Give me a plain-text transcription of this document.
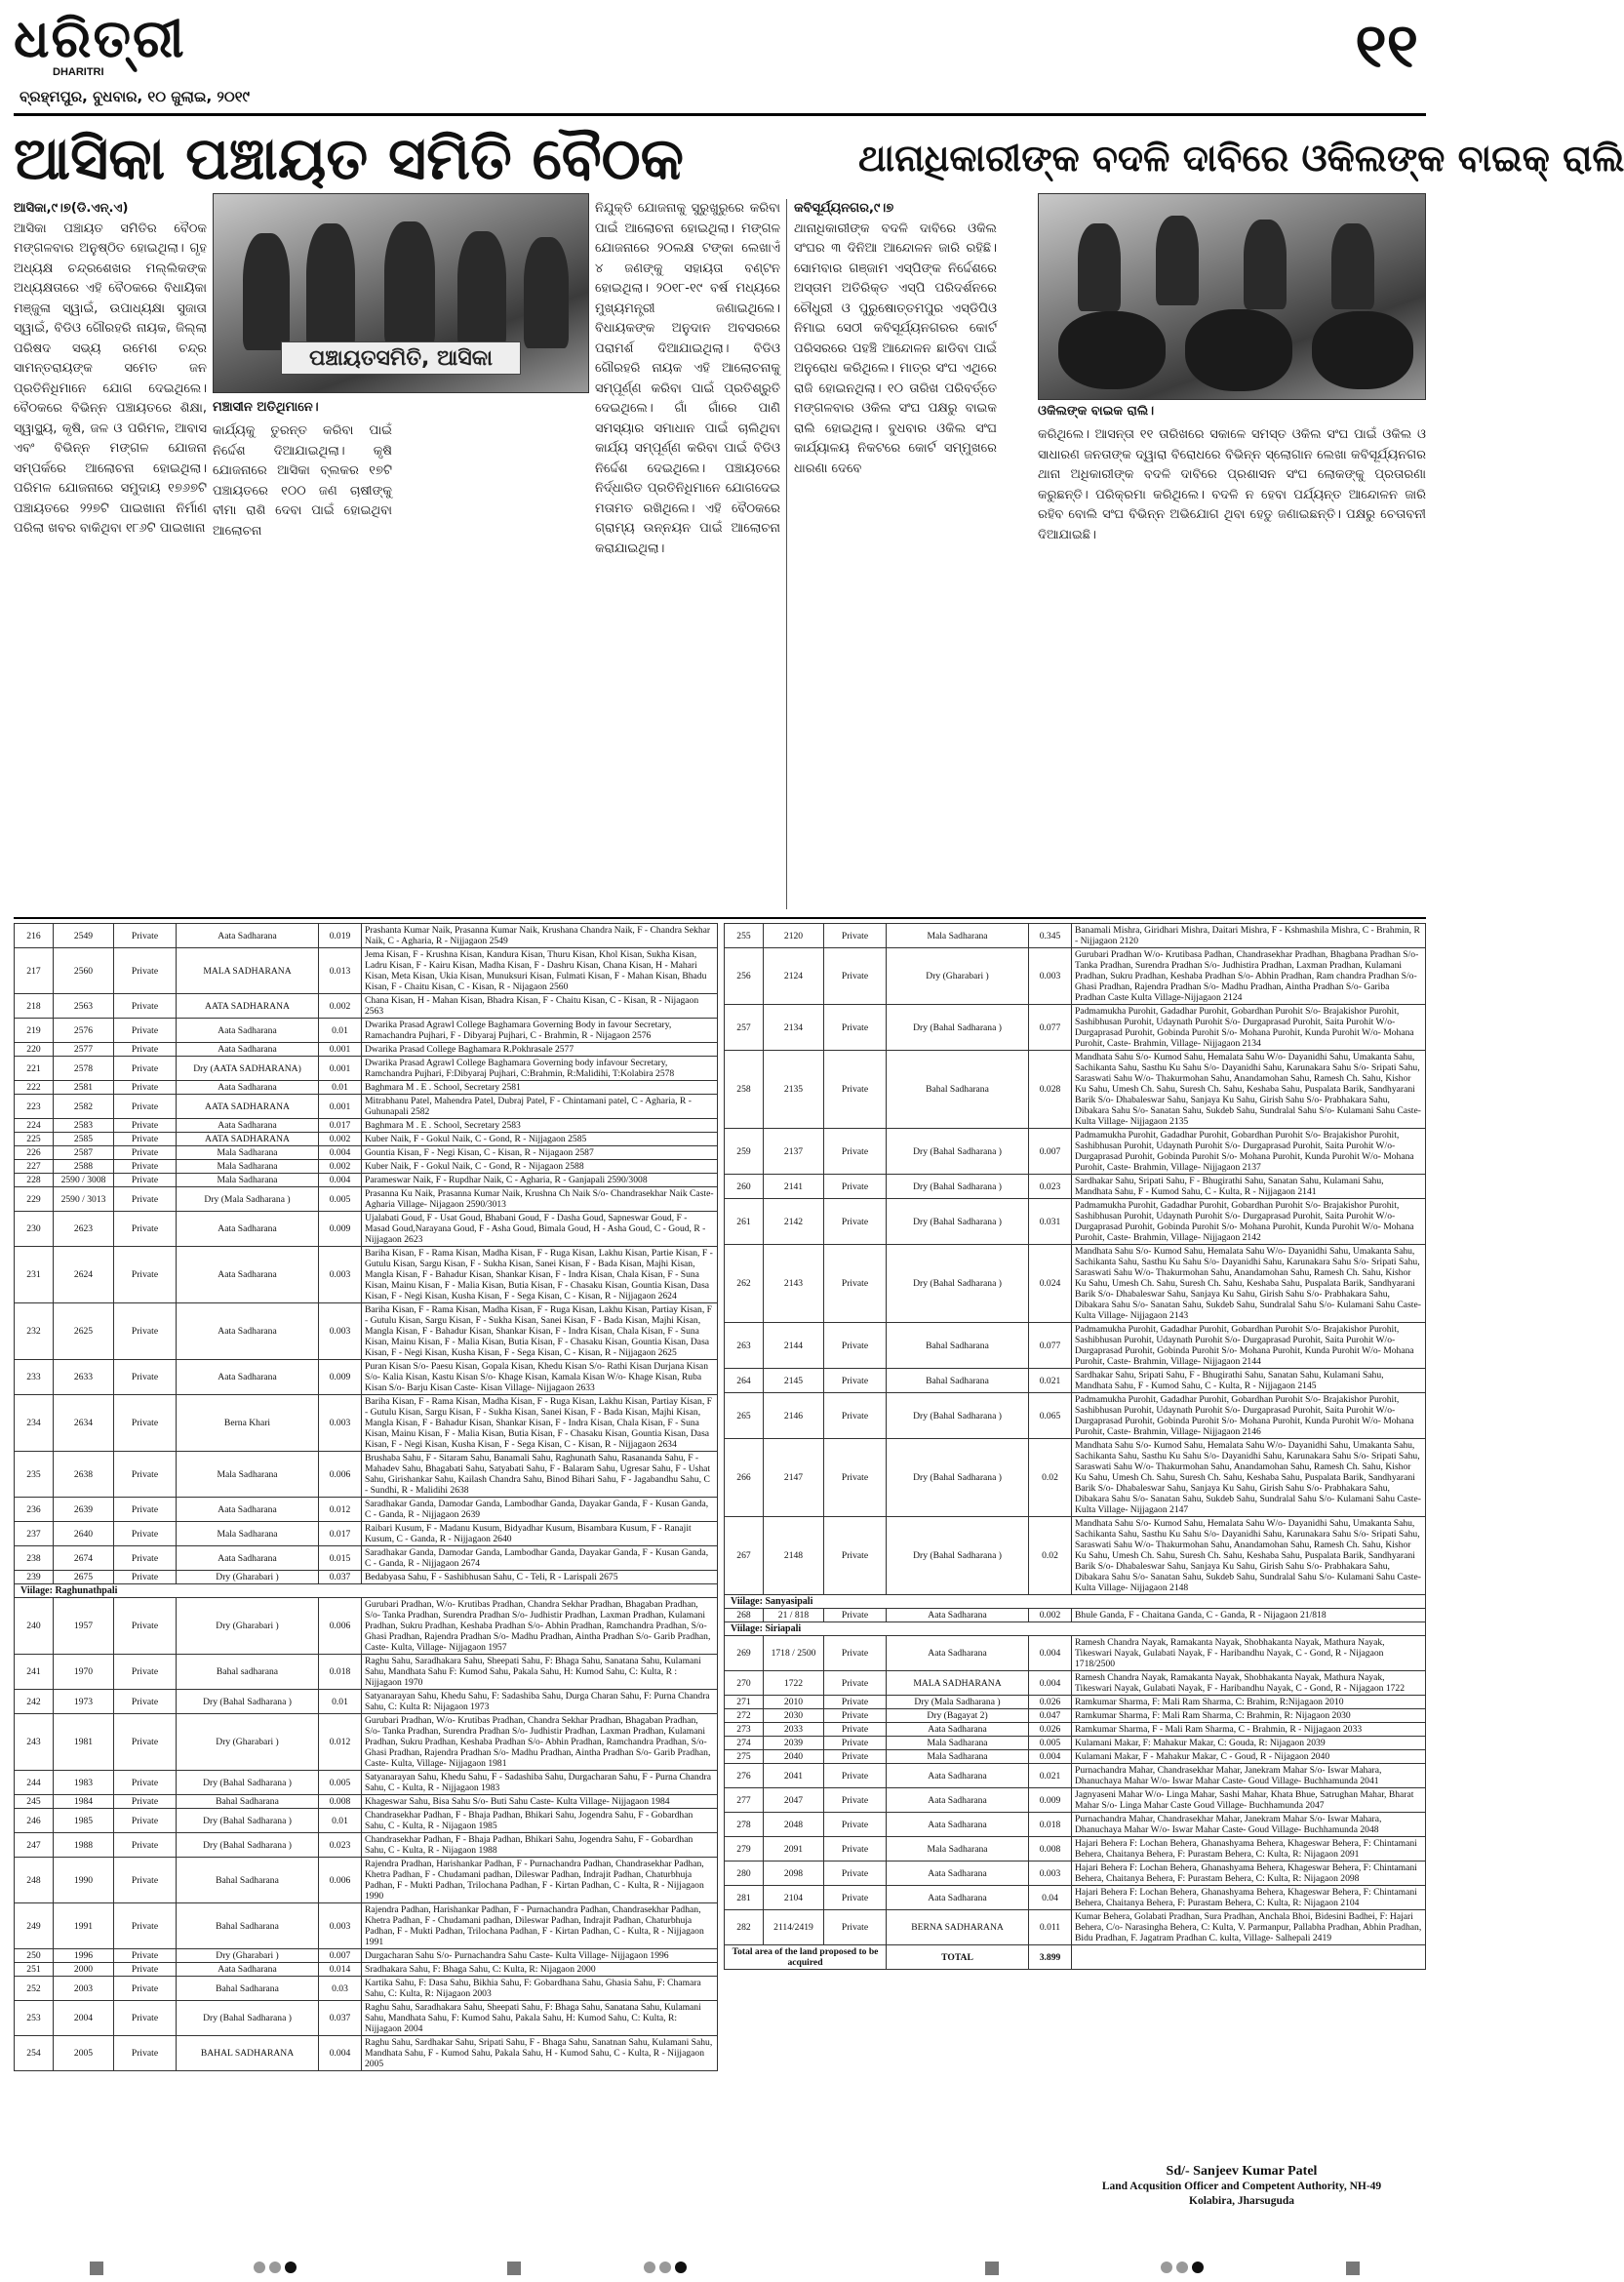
ଧରିତ୍ରୀ
DHARITRI
ବ୍ରହ୍ମପୁର, ବୁଧବାର, ୧୦ ଜୁଲାଇ, ୨୦୧୯
୧୧
ଆସିକା ପଞ୍ଚାୟତ ସମିତି ବୈଠକ
ଆସିକା,୯।୭(ଡି.ଏନ୍.ଏ)
ଆସିକା ପଞ୍ଚାୟତ ସମିତିର ବୈଠକ ମଙ୍ଗଳବାର ଅନୁଷ୍ଠିତ ହୋଇଥିଲା। ଗୃହ ଅଧ୍ୟକ୍ଷ ଚନ୍ଦ୍ରଶେଖର ମଲ୍ଲିକଙ୍କ ଅଧ୍ୟକ୍ଷତାରେ ଏହି ବୈଠକରେ ବିଧାୟିକା ମଞ୍ଜୁଳା ସ୍ୱାଇଁ, ଉପାଧ୍ୟକ୍ଷା ସୁଜାତା ସ୍ୱାଇଁ, ବିଡିଓ ଗୌରହରି ନାୟକ, ଜିଲ୍ଲା ପରିଷଦ ସଭ୍ୟ ରମେଶ ଚନ୍ଦ୍ର ସାମନ୍ତରାୟଙ୍କ ସମେତ ଜନ ପ୍ରତିନିଧିମାନେ ଯୋଗ ଦେଇଥିଲେ। ବୈଠକରେ ବିଭିନ୍ନ ପଞ୍ଚାୟତରେ ଶିକ୍ଷା, ସ୍ୱାସ୍ଥ୍ୟ, କୃଷି, ଜଳ ଓ ପରିମଳ, ଆବାସ ଏବଂ ବିଭିନ୍ନ ମଙ୍ଗଳ ଯୋଜନା ସମ୍ପର୍କରେ ଆଲୋଚନା ହୋଇଥିଲା। ପରିମଳ ଯୋଜନାରେ ସମୁଦାୟ ୧୭୬୭ଟି ପଞ୍ଚାୟତରେ ୨୨୭ଟି ପାଇଖାନା ନିର୍ମାଣ ପରିଲା ଖବର ବାକିଥିବା ୧୮୬ଟି ପାଇଖାନା
ପଞ୍ଚାୟତସମିତି, ଆସିକା
ମଞ୍ଚାସୀନ ଅତିଥିମାନେ।
କାର୍ଯ୍ୟକୁ ତୁରନ୍ତ କରିବା ପାଇଁ ନିର୍ଦ୍ଦେଶ ଦିଆଯାଇଥିଲା। କୃଷି ଯୋଜନାରେ ଆସିକା ବ୍ଲକର ୧୭ଟି ପଞ୍ଚାୟତରେ ୧୦୦ ଜଣ ଚାଷୀଙ୍କୁ ବୀମା ରାଶି ଦେବା ପାଇଁ ହୋଇଥିବା ଆଲୋଚନା
ନିଯୁକ୍ତି ଯୋଜନାକୁ ସୁରୁଖୁରୁରେ କରିବା ପାଇଁ ଆଲୋଚନା ହୋଇଥିଲା। ମଙ୍ଗଳ ଯୋଜନାରେ ୨୦ଲକ୍ଷ ଟଙ୍କା ଲେଖାଏଁ ୪ ଜଣଙ୍କୁ ସହାୟତା ବଣ୍ଟନ ହୋଇଥିଲା। ୨୦୧୮-୧୯ ବର୍ଷ ମଧ୍ୟରେ ମୁଖ୍ୟମନ୍ତ୍ରୀ ଜଣାଇଥିଲେ। ବିଧାୟକଙ୍କ ଅନୁଦାନ ଅବସରରେ ପରାମର୍ଶ ଦିଆଯାଇଥିଲା। ବିଡିଓ ଗୌରହରି ନାୟକ ଏହି ଆଲୋଚନାକୁ ସମ୍ପୂର୍ଣ୍ଣ କରିବା ପାଇଁ ପ୍ରତିଶ୍ରୁତି ଦେଇଥିଲେ। ଗାଁ ଗାଁରେ ପାଣି ସମସ୍ୟାର ସମାଧାନ ପାଇଁ ଚାଲିଥିବା କାର୍ଯ୍ୟ ସମ୍ପୂର୍ଣ୍ଣ କରିବା ପାଇଁ ବିଡିଓ ନିର୍ଦ୍ଦେଶ ଦେଇଥିଲେ। ପଞ୍ଚାୟତରେ ନିର୍ଦ୍ଧାରିତ ପ୍ରତିନିଧିମାନେ ଯୋଗଦେଇ ମତାମତ ରଖିଥିଲେ। ଏହି ବୈଠକରେ ଗ୍ରାମ୍ୟ ଉନ୍ନୟନ ପାଇଁ ଆଲୋଚନା କରାଯାଇଥିଲା।
ଥାନାଧିକାରୀଙ୍କ ବଦଳି ଦାବିରେ ଓକିଲଙ୍କ ବାଇକ୍ ରାଲି
କବିସୂର୍ଯ୍ୟନଗର,୯।୭
ଥାନାଧିକାରୀଙ୍କ ବଦଳି ଦାବିରେ ଓକିଲ ସଂଘର ୩ ଦିନିଆ ଆନ୍ଦୋଳନ ଜାରି ରହିଛି। ସୋମବାର ଗଞ୍ଜାମ ଏସ୍ପିଙ୍କ ନିର୍ଦ୍ଦେଶରେ ଅସ୍ତାମ ଅତିରିକ୍ତ ଏସ୍ପି ପରିଦର୍ଶନରେ ଚୌଧୁରୀ ଓ ପୁରୁଷୋତ୍ତମପୁର ଏସ୍ଡିପିଓ ନିମାଇ ସେଠୀ କବିସୂର୍ଯ୍ୟନଗରର କୋର୍ଟ ପରିସରରେ ପହଞ୍ଚି ଆନ୍ଦୋଳନ ଛାଡିବା ପାଇଁ ଅନୁରୋଧ କରିଥିଲେ। ମାତ୍ର ସଂଘ ଏଥିରେ ରାଜି ହୋଇନଥିଲା। ୧୦ ତାରିଖ ପରିବର୍ତ୍ତେ ମଙ୍ଗଳବାର ଓକିଲ ସଂଘ ପକ୍ଷରୁ ବାଇକ ରାଲି ହୋଇଥିଲା। ବୁଧବାର ଓକିଲ ସଂଘ କାର୍ଯ୍ୟାଳୟ ନିକଟରେ କୋର୍ଟ ସମ୍ମୁଖରେ ଧାରଣା ଦେବେ
ଓକିଲଙ୍କ ବାଇକ ରାଲି।
କରିଥିଲେ। ଆସନ୍ତା ୧୧ ତାରିଖରେ ସକାଳେ ସମସ୍ତ ଓକିଲ ସଂଘ ପାଇଁ ଓକିଲ ଓ ସାଧାରଣ ଜନତାଙ୍କ ଦ୍ୱାରା ବିରୋଧରେ ବିଭିନ୍ନ ସ୍ଲୋଗାନ ଲେଖା କବିସୂର୍ଯ୍ୟନଗର ଥାନା ଅଧିକାରୀଙ୍କ ବଦଳି ଦାବିରେ ପ୍ରଶାସନ ସଂଘ ଲୋକଙ୍କୁ ପ୍ରତାରଣା କରୁଛନ୍ତି। ପରିକ୍ରମା କରିଥିଲେ। ବଦଳି ନ ହେବା ପର୍ଯ୍ୟନ୍ତ ଆନ୍ଦୋଳନ ଜାରି ରହିବ ବୋଲି ସଂଘ ବିଭିନ୍ନ ଅଭିଯୋଗ ଥିବା ହେତୁ ଜଣାଇଛନ୍ତି। ପକ୍ଷରୁ ଚେତାବନୀ ଦିଆଯାଇଛି।
216	2549	Private	Aata Sadharana	0.019	Prashanta Kumar Naik, Prasanna Kumar Naik, Krushana Chandra Naik, F - Chandra Sekhar Naik, C - Agharia, R - Nijjagaon 2549
217	2560	Private	MALA SADHARANA	0.013	Jema Kisan, F - Krushna Kisan, Kandura Kisan, Thuru Kisan, Khol Kisan, Sukha Kisan, Ladru Kisan, F - Kairu Kisan, Madha Kisan, F - Dashru Kisan, Chana Kisan, H - Mahari Kisan, Meta Kisan, Ukia Kisan, Munuksuri Kisan, Fulmati Kisan, F - Mahan Kisan, Bhadu Kisan, F - Chaitu Kisan, C - Kisan, R - Nijagaon 2560
218	2563	Private	AATA SADHARANA	0.002	Chana Kisan, H - Mahan Kisan, Bhadra Kisan, F - Chaitu Kisan, C - Kisan, R - Nijagaon 2563
219	2576	Private	Aata Sadharana	0.01	Dwarika Prasad Agrawl College Baghamara Governing Body in favour Secretary, Ramachandra Pujhari, F - Dibyaraj Pujhari, C - Brahmin, R - Nijagaon 2576
220	2577	Private	Aata Sadharana	0.001	Dwarika Prasad College Baghamara R.Pokhrasale 2577
221	2578	Private	Dry (AATA SADHARANA)	0.001	Dwarika Prasad Agrawl College Baghamara Governing body infavour Secretary, Ramchandra Pujhari, F:Dibyaraj Pujhari, C:Brahmin, R:Malidihi, T:Kolabira 2578
222	2581	Private	Aata Sadharana	0.01	Baghmara M . E . School, Secretary 2581
223	2582	Private	AATA SADHARANA	0.001	Mitrabhanu Patel, Mahendra Patel, Dubraj Patel, F - Chintamani patel, C - Agharia, R - Guhunapali 2582
224	2583	Private	Aata Sadharana	0.017	Baghmara M . E . School, Secretary 2583
225	2585	Private	AATA SADHARANA	0.002	Kuber Naik, F - Gokul Naik, C - Gond, R - Nijjagaon 2585
226	2587	Private	Mala Sadharana	0.004	Gountia Kisan, F - Negi Kisan, C - Kisan, R - Nijagaon 2587
227	2588	Private	Mala Sadharana	0.002	Kuber Naik, F - Gokul Naik, C - Gond, R - Nijagaon 2588
228	2590 / 3008	Private	Mala Sadharana	0.004	Parameswar Naik, F - Rupdhar Naik, C - Agharia, R - Ganjapali 2590/3008
229	2590 / 3013	Private	Dry (Mala Sadharana )	0.005	Prasanna Ku Naik, Prasanna Kumar Naik, Krushna Ch Naik S/o- Chandrasekhar Naik Caste- Agharia Village- Nijagaon 2590/3013
230	2623	Private	Aata Sadharana	0.009	Ujalabati Goud, F - Usat Goud, Bhabani Goud, F - Dasha Goud, Sapneswar Goud, F - Masad Goud,Narayana Goud, F - Asha Goud, Bimala Goud, H - Asha Goud, C - Goud, R - Nijjagaon 2623
231	2624	Private	Aata Sadharana	0.003	Bariha Kisan, F - Rama Kisan, Madha Kisan, F - Ruga Kisan, Lakhu Kisan, Partie Kisan, F - Gutulu Kisan, Sargu Kisan, F - Sukha Kisan, Sanei Kisan, F - Bada Kisan, Majhi Kisan, Mangla Kisan, F - Bahadur Kisan, Shankar Kisan, F - Indra Kisan, Chala Kisan, F - Suna Kisan, Mainu Kisan, F - Malia Kisan, Butia Kisan, F - Chasaku Kisan, Gountia Kisan, Dasa Kisan, F - Negi Kisan, Kusha Kisan, F - Sega Kisan, C - Kisan, R - Nijjagaon 2624
232	2625	Private	Aata Sadharana	0.003	Bariha Kisan, F - Rama Kisan, Madha Kisan, F - Ruga Kisan, Lakhu Kisan, Partiay Kisan, F - Gutulu Kisan, Sargu Kisan, F - Sukha Kisan, Sanei Kisan, F - Bada Kisan, Majhi Kisan, Mangla Kisan, F - Bahadur Kisan, Shankar Kisan, F - Indra Kisan, Chala Kisan, F - Suna Kisan, Mainu Kisan, F - Malia Kisan, Butia Kisan, F - Chasaku Kisan, Gountia Kisan, Dasa Kisan, F - Negi Kisan, Kusha Kisan, F - Sega Kisan, C - Kisan, R - Nijjagaon 2625
233	2633	Private	Aata Sadharana	0.009	Puran Kisan S/o- Paesu Kisan, Gopala Kisan, Khedu Kisan S/o- Rathi Kisan Durjana Kisan S/o- Kalia Kisan, Kastu Kisan S/o- Khage Kisan, Kamala Kisan W/o- Khage Kisan, Ruba Kisan S/o- Barju Kisan Caste- Kisan Village- Nijjagaon 2633
234	2634	Private	Berna Khari	0.003	Bariha Kisan, F - Rama Kisan, Madha Kisan, F - Ruga Kisan, Lakhu Kisan, Partiay Kisan, F - Gutulu Kisan, Sargu Kisan, F - Sukha Kisan, Sanei Kisan, F - Bada Kisan, Majhi Kisan, Mangla Kisan, F - Bahadur Kisan, Shankar Kisan, F - Indra Kisan, Chala Kisan, F - Suna Kisan, Mainu Kisan, F - Malia Kisan, Butia Kisan, F - Chasaku Kisan, Gountia Kisan, Dasa Kisan, F - Negi Kisan, Kusha Kisan, F - Sega Kisan, C - Kisan, R - Nijjagaon 2634
235	2638	Private	Mala Sadharana	0.006	Brushaba Sahu, F - Sitaram Sahu, Banamali Sahu, Raghunath Sahu, Rasananda Sahu, F - Mahadev Sahu, Bhagabati Sahu, Satyabati Sahu, F - Balaram Sahu, Ugresar Sahu, F - Ushat Sahu, Girishankar Sahu, Kailash Chandra Sahu, Binod Bihari Sahu, F - Jagabandhu Sahu, C - Sundhi, R - Malidihi 2638
236	2639	Private	Aata Sadharana	0.012	Saradhakar Ganda, Damodar Ganda, Lambodhar Ganda, Dayakar Ganda, F - Kusan Ganda, C - Ganda, R - Nijjagaon 2639
237	2640	Private	Mala Sadharana	0.017	Raibari Kusum, F - Madanu Kusum, Bidyadhar Kusum, Bisambara Kusum, F - Ranajit Kusum, C - Ganda, R - Nijjagaon 2640
238	2674	Private	Aata Sadharana	0.015	Saradhakar Ganda, Damodar Ganda, Lambodhar Ganda, Dayakar Ganda, F - Kusan Ganda, C - Ganda, R - Nijjagaon 2674
239	2675	Private	Dry (Gharabari )	0.037	Bedabyasa Sahu, F - Sashibhusan Sahu, C - Teli, R - Larispali 2675
Viilage: Raghunathpali					
240	1957	Private	Dry (Gharabari )	0.006	Gurubari Pradhan, W/o- Krutibas Pradhan, Chandra Sekhar Pradhan, Bhagaban Pradhan, S/o- Tanka Pradhan, Surendra Pradhan S/o- Judhistir Pradhan, Laxman Pradhan, Kulamani Pradhan, Sukru Pradhan, Keshaba Pradhan S/o- Abhin Pradhan, Ramchandra Pradhan, S/o- Ghasi Pradhan, Rajendra Pradhan S/o- Madhu Pradhan, Aintha Pradhan S/o- Garib Pradhan, Caste- Kulta, Village- Nijjagaon 1957
241	1970	Private	Bahal sadharana	0.018	Raghu Sahu, Saradhakara Sahu, Sheepati Sahu, F: Bhaga Sahu, Sanatana Sahu, Kulamani Sahu, Mandhata Sahu F: Kumod Sahu, Pakala Sahu, H: Kumod Sahu, C: Kulta, R : Nijjagaon 1970
242	1973	Private	Dry (Bahal Sadharana )	0.01	Satyanarayan Sahu, Khedu Sahu, F: Sadashiba Sahu, Durga Charan Sahu, F: Purna Chandra Sahu, C: Kulta R: Nijagaon 1973
243	1981	Private	Dry (Gharabari )	0.012	Gurubari Pradhan, W/o- Krutibas Pradhan, Chandra Sekhar Pradhan, Bhagaban Pradhan, S/o- Tanka Pradhan, Surendra Pradhan S/o- Judhistir Pradhan, Laxman Pradhan, Kulamani Pradhan, Sukru Pradhan, Keshaba Pradhan S/o- Abhin Pradhan, Ramchandra Pradhan, S/o- Ghasi Pradhan, Rajendra Pradhan S/o- Madhu Pradhan, Aintha Pradhan S/o- Garib Pradhan, Caste- Kulta, Village- Nijjagaon 1981
244	1983	Private	Dry (Bahal Sadharana )	0.005	Satyanarayan Sahu, Khedu Sahu, F - Sadashiba Sahu, Durgacharan Sahu, F - Purna Chandra Sahu, C - Kulta, R - Nijjagaon 1983
245	1984	Private	Bahal Sadharana	0.008	Khageswar Sahu, Bisa Sahu S/o- Buti Sahu Caste- Kulta Village- Nijjagaon 1984
246	1985	Private	Dry (Bahal Sadharana )	0.01	Chandrasekhar Padhan, F - Bhaja Padhan, Bhikari Sahu, Jogendra Sahu, F - Gobardhan Sahu, C - Kulta, R - Nijagaon 1985
247	1988	Private	Dry (Bahal Sadharana )	0.023	Chandrasekhar Padhan, F - Bhaja Padhan, Bhikari Sahu, Jogendra Sahu, F - Gobardhan Sahu, C - Kulta, R - Nijagaon 1988
248	1990	Private	Bahal Sadharana	0.006	Rajendra Pradhan, Harishankar Padhan, F - Purnachandra Padhan, Chandrasekhar Padhan, Khetra Padhan, F - Chudamani padhan, Dileswar Padhan, Indrajit Padhan, Chaturbhuja Padhan, F - Mukti Padhan, Trilochana Padhan, F - Kirtan Padhan, C - Kulta, R - Nijjagaon 1990
249	1991	Private	Bahal Sadharana	0.003	Rajendra Padhan, Harishankar Padhan, F - Purnachandra Padhan, Chandrasekhar Padhan, Khetra Padhan, F - Chudamani padhan, Dileswar Padhan, Indrajit Padhan, Chaturbhuja Padhan, F - Mukti Padhan, Trilochana Padhan, F - Kirtan Padhan, C - Kulta, R - Nijjagaon 1991
250	1996	Private	Dry (Gharabari )	0.007	Durgacharan Sahu S/o- Purnachandra Sahu Caste- Kulta Village- Nijjagaon 1996
251	2000	Private	Aata Sadharana	0.014	Sradhakara Sahu, F: Bhaga Sahu, C: Kulta, R: Nijagaon 2000
252	2003	Private	Bahal Sadharana	0.03	Kartika Sahu, F: Dasa Sahu, Bikhia Sahu, F: Gobardhana Sahu, Ghasia Sahu, F: Chamara Sahu, C: Kulta, R: Nijagaon 2003
253	2004	Private	Dry (Bahal Sadharana )	0.037	Raghu Sahu, Saradhakara Sahu, Sheepati Sahu, F: Bhaga Sahu, Sanatana Sahu, Kulamani Sahu, Mandhata Sahu, F: Kumod Sahu, Pakala Sahu, H: Kumod Sahu, C: Kulta, R: Nijjagaon 2004
254	2005	Private	BAHAL SADHARANA	0.004	Raghu Sahu, Sardhakar Sahu, Sripati Sahu, F - Bhaga Sahu, Sanatnan Sahu, Kulamani Sahu, Mandhata Sahu, F - Kumod Sahu, Pakala Sahu, H - Kumod Sahu, C - Kulta, R - Nijjagaon 2005
255	2120	Private	Mala Sadharana	0.345	Banamali Mishra, Giridhari Mishra, Daitari Mishra, F - Kshmashila Mishra, C - Brahmin, R - Nijjagaon 2120
256	2124	Private	Dry (Gharabari )	0.003	Gurubari Pradhan W/o- Krutibasa Padhan, Chandrasekhar Pradhan, Bhagbana Pradhan S/o- Tanka Pradhan, Surendra Pradhan S/o- Judhistira Pradhan, Laxman Pradhan, Kulamani Pradhan, Sukru Pradhan, Keshaba Pradhan S/o- Abhin Pradhan, Ram chandra Pradhan S/o- Ghasi Pradhan, Rajendra Pradhan S/o- Madhu Pradhan, Aintha Pradhan S/o- Gariba Pradhan Caste Kulta Village-Nijjagaon 2124
257	2134	Private	Dry (Bahal Sadharana )	0.077	Padmamukha Purohit, Gadadhar Purohit, Gobardhan Purohit S/o- Brajakishor Purohit, Sashibhusan Purohit, Udaynath Purohit S/o- Durgaprasad Purohit, Saita Purohit W/o- Durgaprasad Purohit, Gobinda Purohit S/o- Mohana Purohit, Kunda Purohit W/o- Mohana Purohit, Caste- Brahmin, Village- Nijjagaon 2134
258	2135	Private	Bahal Sadharana	0.028	Mandhata Sahu S/o- Kumod Sahu, Hemalata Sahu W/o- Dayanidhi Sahu, Umakanta Sahu, Sachikanta Sahu, Sasthu Ku Sahu S/o- Dayanidhi Sahu, Karunakara Sahu S/o- Sripati Sahu, Saraswati Sahu W/o- Thakurmohan Sahu, Anandamohan Sahu, Ramesh Ch. Sahu, Kishor Ku Sahu, Umesh Ch. Sahu, Suresh Ch. Sahu, Keshaba Sahu, Puspalata Barik, Sandhyarani Barik S/o- Dhabaleswar Sahu, Sanjaya Ku Sahu, Girish Sahu S/o- Prabhakara Sahu, Dibakara Sahu S/o- Sanatan Sahu, Sukdeb Sahu, Sundralal Sahu S/o- Kulamani Sahu Caste- Kulta Village- Nijjagaon 2135
259	2137	Private	Dry (Bahal Sadharana )	0.007	Padmamukha Purohit, Gadadhar Purohit, Gobardhan Purohit S/o- Brajakishor Purohit, Sashibhusan Purohit, Udaynath Purohit S/o- Durgaprasad Purohit, Saita Purohit W/o- Durgaprasad Purohit, Gobinda Purohit S/o- Mohana Purohit, Kunda Purohit W/o- Mohana Purohit, Caste- Brahmin, Village- Nijjagaon 2137
260	2141	Private	Dry (Bahal Sadharana )	0.023	Sardhakar Sahu, Sripati Sahu, F - Bhugirathi Sahu, Sanatan Sahu, Kulamani Sahu, Mandhata Sahu, F - Kumod Sahu, C - Kulta, R - Nijjagaon 2141
261	2142	Private	Dry (Bahal Sadharana )	0.031	Padmamukha Purohit, Gadadhar Purohit, Gobardhan Purohit S/o- Brajakishor Purohit, Sashibhusan Purohit, Udaynath Purohit S/o- Durgaprasad Purohit, Saita Purohit W/o- Durgaprasad Purohit, Gobinda Purohit S/o- Mohana Purohit, Kunda Purohit W/o- Mohana Purohit, Caste- Brahmin, Village- Nijjagaon 2142
262	2143	Private	Dry (Bahal Sadharana )	0.024	Mandhata Sahu S/o- Kumod Sahu, Hemalata Sahu W/o- Dayanidhi Sahu, Umakanta Sahu, Sachikanta Sahu, Sasthu Ku Sahu S/o- Dayanidhi Sahu, Karunakara Sahu S/o- Sripati Sahu, Saraswati Sahu W/o- Thakurmohan Sahu, Anandamohan Sahu, Ramesh Ch. Sahu, Kishor Ku Sahu, Umesh Ch. Sahu, Suresh Ch. Sahu, Keshaba Sahu, Puspalata Barik, Sandhyarani Barik S/o- Dhabaleswar Sahu, Sanjaya Ku Sahu, Girish Sahu S/o- Prabhakara Sahu, Dibakara Sahu S/o- Sanatan Sahu, Sukdeb Sahu, Sundralal Sahu S/o- Kulamani Sahu Caste- Kulta Village- Nijjagaon 2143
263	2144	Private	Bahal Sadharana	0.077	Padmamukha Purohit, Gadadhar Purohit, Gobardhan Purohit S/o- Brajakishor Purohit, Sashibhusan Purohit, Udaynath Purohit S/o- Durgaprasad Purohit, Saita Purohit W/o- Durgaprasad Purohit, Gobinda Purohit S/o- Mohana Purohit, Kunda Purohit W/o- Mohana Purohit, Caste- Brahmin, Village- Nijjagaon 2144
264	2145	Private	Bahal Sadharana	0.021	Sardhakar Sahu, Sripati Sahu, F - Bhugirathi Sahu, Sanatan Sahu, Kulamani Sahu, Mandhata Sahu, F - Kumod Sahu, C - Kulta, R - Nijjagaon 2145
265	2146	Private	Dry (Bahal Sadharana )	0.065	Padmamukha Purohit, Gadadhar Purohit, Gobardhan Purohit S/o- Brajakishor Purohit, Sashibhusan Purohit, Udaynath Purohit S/o- Durgaprasad Purohit, Saita Purohit W/o- Durgaprasad Purohit, Gobinda Purohit S/o- Mohana Purohit, Kunda Purohit W/o- Mohana Purohit, Caste- Brahmin, Village- Nijjagaon 2146
266	2147	Private	Dry (Bahal Sadharana )	0.02	Mandhata Sahu S/o- Kumod Sahu, Hemalata Sahu W/o- Dayanidhi Sahu, Umakanta Sahu, Sachikanta Sahu, Sasthu Ku Sahu S/o- Dayanidhi Sahu, Karunakara Sahu S/o- Sripati Sahu, Saraswati Sahu W/o- Thakurmohan Sahu, Anandamohan Sahu, Ramesh Ch. Sahu, Kishor Ku Sahu, Umesh Ch. Sahu, Suresh Ch. Sahu, Keshaba Sahu, Puspalata Barik, Sandhyarani Barik S/o- Dhabaleswar Sahu, Sanjaya Ku Sahu, Girish Sahu S/o- Prabhakara Sahu, Dibakara Sahu S/o- Sanatan Sahu, Sukdeb Sahu, Sundralal Sahu S/o- Kulamani Sahu Caste- Kulta Village- Nijjagaon 2147
267	2148	Private	Dry (Bahal Sadharana )	0.02	Mandhata Sahu S/o- Kumod Sahu, Hemalata Sahu W/o- Dayanidhi Sahu, Umakanta Sahu, Sachikanta Sahu, Sasthu Ku Sahu S/o- Dayanidhi Sahu, Karunakara Sahu S/o- Sripati Sahu, Saraswati Sahu W/o- Thakurmohan Sahu, Anandamohan Sahu, Ramesh Ch. Sahu, Kishor Ku Sahu, Umesh Ch. Sahu, Suresh Ch. Sahu, Keshaba Sahu, Puspalata Barik, Sandhyarani Barik S/o- Dhabaleswar Sahu, Sanjaya Ku Sahu, Girish Sahu S/o- Prabhakara Sahu, Dibakara Sahu S/o- Sanatan Sahu, Sukdeb Sahu, Sundralal Sahu S/o- Kulamani Sahu Caste- Kulta Village- Nijjagaon 2148
Viilage: Sanyasipali					
268	21 / 818	Private	Aata Sadharana	0.002	Bhule Ganda, F - Chaitana Ganda, C - Ganda, R - Nijagaon 21/818
Viilage: Siriapali					
269	1718 / 2500	Private	Aata Sadharana	0.004	Ramesh Chandra Nayak, Ramakanta Nayak, Shobhakanta Nayak, Mathura Nayak, Tikeswari Nayak, Gulabati Nayak, F - Haribandhu Nayak, C - Gond, R - Nijagaon 1718/2500
270	1722	Private	MALA SADHARANA	0.004	Ramesh Chandra Nayak, Ramakanta Nayak, Shobhakanta Nayak, Mathura Nayak, Tikeswari Nayak, Gulabati Nayak, F - Haribandhu Nayak, C - Gond, R - Nijagaon 1722
271	2010	Private	Dry (Mala Sadharana )	0.026	Ramkumar Sharma, F: Mali Ram Sharma, C: Brahim, R:Nijagaon 2010
272	2030	Private	Dry (Bagayat 2)	0.047	Ramkumar Sharma, F: Mali Ram Sharma, C: Brahmin, R: Nijagaon 2030
273	2033	Private	Aata Sadharana	0.026	Ramkumar Sharma, F - Mali Ram Sharma, C - Brahmin, R - Nijjagaon 2033
274	2039	Private	Mala Sadharana	0.005	Kulamani Makar, F: Mahakur Makar, C: Gouda, R: Nijagaon 2039
275	2040	Private	Mala Sadharana	0.004	Kulamani Makar, F - Mahakur Makar, C - Goud, R - Nijagaon 2040
276	2041	Private	Aata Sadharana	0.021	Purnachandra Mahar, Chandrasekhar Mahar, Janekram Mahar S/o- Iswar Mahara, Dhanuchaya Mahar W/o- Iswar Mahar Caste- Goud Village- Buchhamunda 2041
277	2047	Private	Aata Sadharana	0.009	Jagnyaseni Mahar W/o- Linga Mahar, Sashi Mahar, Khata Bhue, Satrughan Mahar, Bharat Mahar S/o- Linga Mahar Caste Goud Village- Buchhamunda 2047
278	2048	Private	Aata Sadharana	0.018	Purnachandra Mahar, Chandrasekhar Mahar, Janekram Mahar S/o- Iswar Mahara, Dhanuchaya Mahar W/o- Iswar Mahar Caste- Goud Village- Buchhamunda 2048
279	2091	Private	Mala Sadharana	0.008	Hajari Behera F: Lochan Behera, Ghanashyama Behera, Khageswar Behera, F: Chintamani Behera, Chaitanya Behera, F: Purastam Behera, C: Kulta, R: Nijagaon 2091
280	2098	Private	Aata Sadharana	0.003	Hajari Behera F: Lochan Behera, Ghanashyama Behera, Khageswar Behera, F: Chintamani Behera, Chaitanya Behera, F: Purastam Behera, C: Kulta, R: Nijagaon 2098
281	2104	Private	Aata Sadharana	0.04	Hajari Behera F: Lochan Behera, Ghanashyama Behera, Khageswar Behera, F: Chintamani Behera, Chaitanya Behera, F: Purastam Behera, C: Kulta, R: Nijagaon 2104
282	2114/2419	Private	BERNA SADHARANA	0.011	Kumar Behera, Golabati Pradhan, Sura Pradhan, Anchala Bhoi, Bidesini Badhei, F: Hajari Behera, C/o- Narasingha Behera, C: Kulta, V. Parmanpur, Pallabha Pradhan, Abhin Pradhan, Bidu Pradhan, F. Jagatram Pradhan C. kulta, Village- Salhepali 2419
Total area of the land proposed to be acquired			TOTAL	3.899	
Sd/- Sanjeev Kumar Patel
Land Acqusition Officer and Competent Authority, NH-49
Kolabira, Jharsuguda
